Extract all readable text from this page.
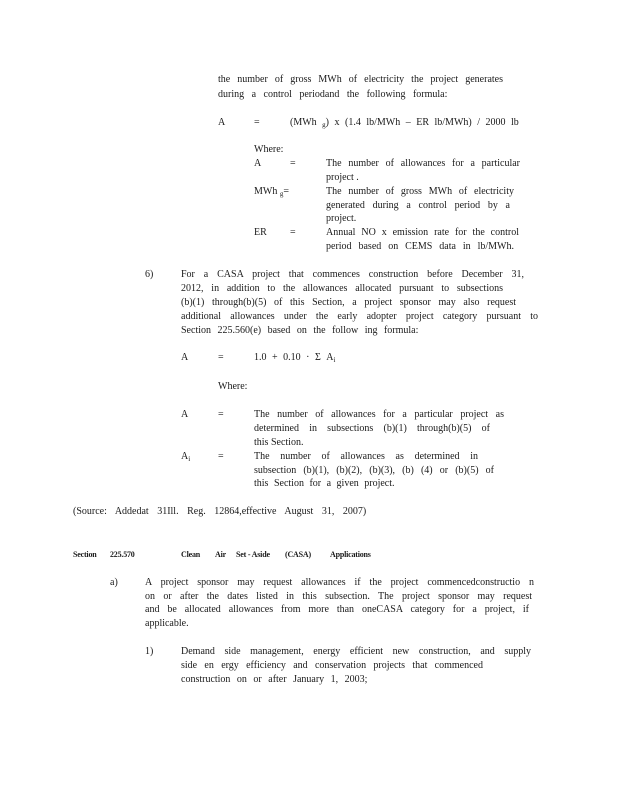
the number of gross MWh of electricity the project generates
during a control periodand the following formula:
A	=	(MWh $_g$) x (1.4 lb/MWh – ER lb/MWh) / 2000 lb
Where:
A	=	The number of allowances for a particular
project .
MWh $_g$=	The number of gross MWh of electricity
generated during a control period by a
project.
ER =	Annual NO x emission rate for the control
period based on CEMS data in lb/MWh.
6)	For a CASA project that commences construction before December 31,
2012, in addition to the allowances allocated pursuant to subsections
(b)(1) through(b)(5) of this Section, a project sponsor may also request
additional allowances under the early adopter project category pursuant to
Section 225.560(e) based on the follow ing formula:
A	=	1.0 + 0.10 · Σ $A_i$
Where:
A	=	The number of allowances for a particular project as
determined in subsections (b)(1) through(b)(5) of
this Section.
$A_i$	=	The number of allowances as determined in
subsection (b)(1), (b)(2), (b)(3), (b) (4) or (b)(5) of
this Section for a given project.
(Source: Addedat 31Ill. Reg. 12864,effective August 31, 2007)
Section 225.570	Clean Air Set - Aside (CASA) Applications
a)	A project sponsor may request allowances if the project commencedconstructio n
on or after the dates listed in this subsection. The project sponsor may request
and be allocated allowances from more than oneCASA category for a project, if
applicable.
1)	Demand side management, energy efficient new construction, and supply
side en ergy efficiency and conservation projects that commenced
construction on or after January 1, 2003;
